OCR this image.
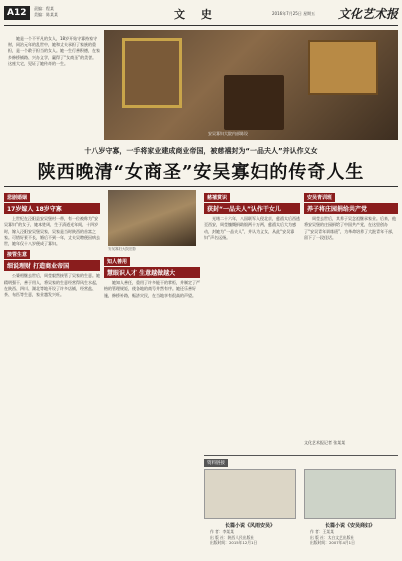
A12	责编：程某
美编：陈某某	文 史	2016年7月25日 星期五 文化艺术报
她是一个不平凡的女人，18岁开始守寡持家守财，同治元年的乱世中，她和丈夫承担了家族的重担，是一个敢于担当的女人。她一生行善积德，在家乡修桥铺路、兴办义学，赢得了“女商圣”的美誉。这座大宅，见证了她传奇的一生。
安吴寡妇大院内部陈设
十八岁守寡，一手将家业建成商业帝国，被慈禧封为“一品夫人”并认作义女
陕西晚清“女商圣”安吴寡妇的传奇人生
悲剧婚姻
17岁嫁人 18岁守寡

上世纪在泾阳县安吴堡村一带，有一位被称为“安吴寡妇”的女子，她本姓周，生于清道光年间，十四岁时，嫁入泾阳安吴堡吴家，吴家是当时陕西的首富之家。可惜好景不长，婚后不到一年，丈夫吴聘便因病去世，她年仅十八岁便成了寡妇。

接管生意
细说理财 打造商业帝国

公婆相继去世后，周莹毅然接管了吴家的生意。她精明强干，善于用人，将吴家的生意经营得风生水起，在陕西、四川、湖北等地开设了许多店铺，经营盐、茶、布匹等生意，家业越发兴旺。

安吴寡妇大院旧影
知人善用
慧眼识人才 生意越做越大

她知人善任，重用了许多能干的掌柜，并制定了严格的管理规矩，使各地的商号井然有序。她还乐善好施，修桥补路，赈济灾民，在当地享有很高的声望。

慈禧赏识
获封“一品夫人”认作干女儿

光绪二十六年，八国联军入侵北京，慈禧太后西逃至西安，周莹慷慨捐助银两十万两，慈禧太后大为感动，封她为“一品夫人”，并认为义女，从此“安吴寡妇”声名远扬。

安吴青训班
养子将庄园捐给共产党

周莹去世后，其养子吴念祖继承家业。后来，他将安吴堡的庄园捐给了中国共产党，在这里创办了“安吴青年训练班”，为革命培养了大批青年干部，留下了一段佳话。

文化艺术报记者 张某某
资料链接
长篇小说《风雨安吴》
作 者：李某某
出 版 社：陕西人民出版社
出版时间：2015年12月1日
长篇小说《安吴商妇》
作 者：王某某
出 版 社：太白文艺出版社
出版时间：2007年4月1日
